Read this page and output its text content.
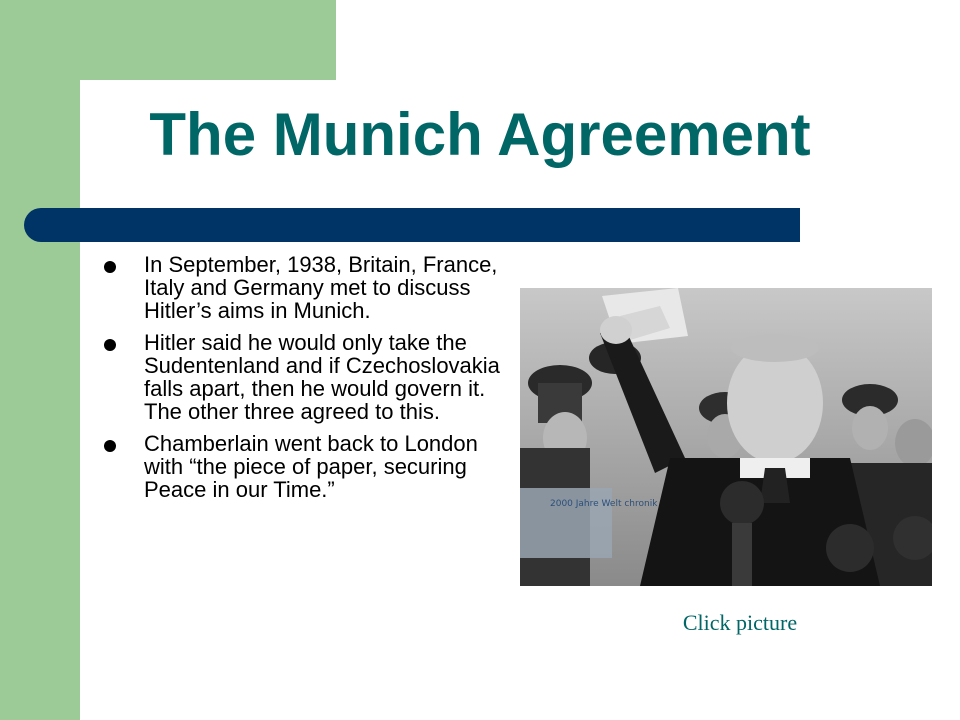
The Munich Agreement
In September, 1938, Britain, France, Italy and Germany met to discuss Hitler’s aims in Munich.
Hitler said he would only take the Sudentenland and if Czechoslovakia falls apart, then he would govern it. The other three agreed to this.
Chamberlain went back to London with “the piece of paper, securing Peace in our Time.”
2000 Jahre Welt chronik
Click picture
